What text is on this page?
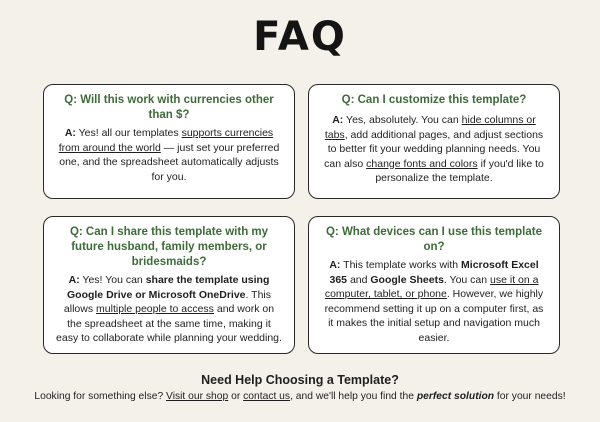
FAQ
Q: Will this work with currencies other than $?
A: Yes! all our templates supports currencies from around the world — just set your preferred one, and the spreadsheet automatically adjusts for you.
Q: Can I customize this template?
A: Yes, absolutely. You can hide columns or tabs, add additional pages, and adjust sections to better fit your wedding planning needs. You can also change fonts and colors if you'd like to personalize the template.
Q: Can I share this template with my future husband, family members, or bridesmaids?
A: Yes! You can share the template using Google Drive or Microsoft OneDrive. This allows multiple people to access and work on the spreadsheet at the same time, making it easy to collaborate while planning your wedding.
Q: What devices can I use this template on?
A: This template works with Microsoft Excel 365 and Google Sheets. You can use it on a computer, tablet, or phone. However, we highly recommend setting it up on a computer first, as it makes the initial setup and navigation much easier.
Need Help Choosing a Template?
Looking for something else? Visit our shop or contact us, and we'll help you find the perfect solution for your needs!
